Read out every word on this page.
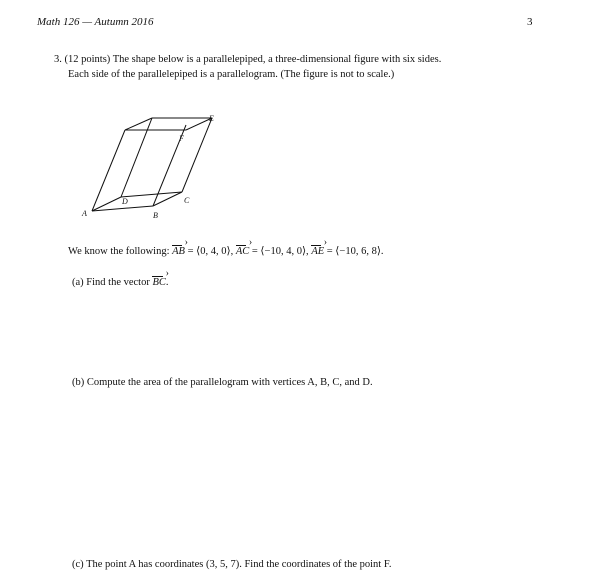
Math 126 — Autumn 2016	3

3. (12 points) The shape below is a parallelepiped, a three-dimensional figure with six sides.

Each side of the parallelepiped is a parallelogram. (The figure is not to scale.)

A	B
C
D
E
F
We know the following: AB › = ⟨0, 4, 0⟩, AC › = ⟨−10, 4, 0⟩, AE › = ⟨−10, 6, 8⟩.
(a) Find the vector BC ›.
(b) Compute the area of the parallelogram with vertices A, B, C, and D.
(c) The point A has coordinates (3, 5, 7). Find the coordinates of the point F.
